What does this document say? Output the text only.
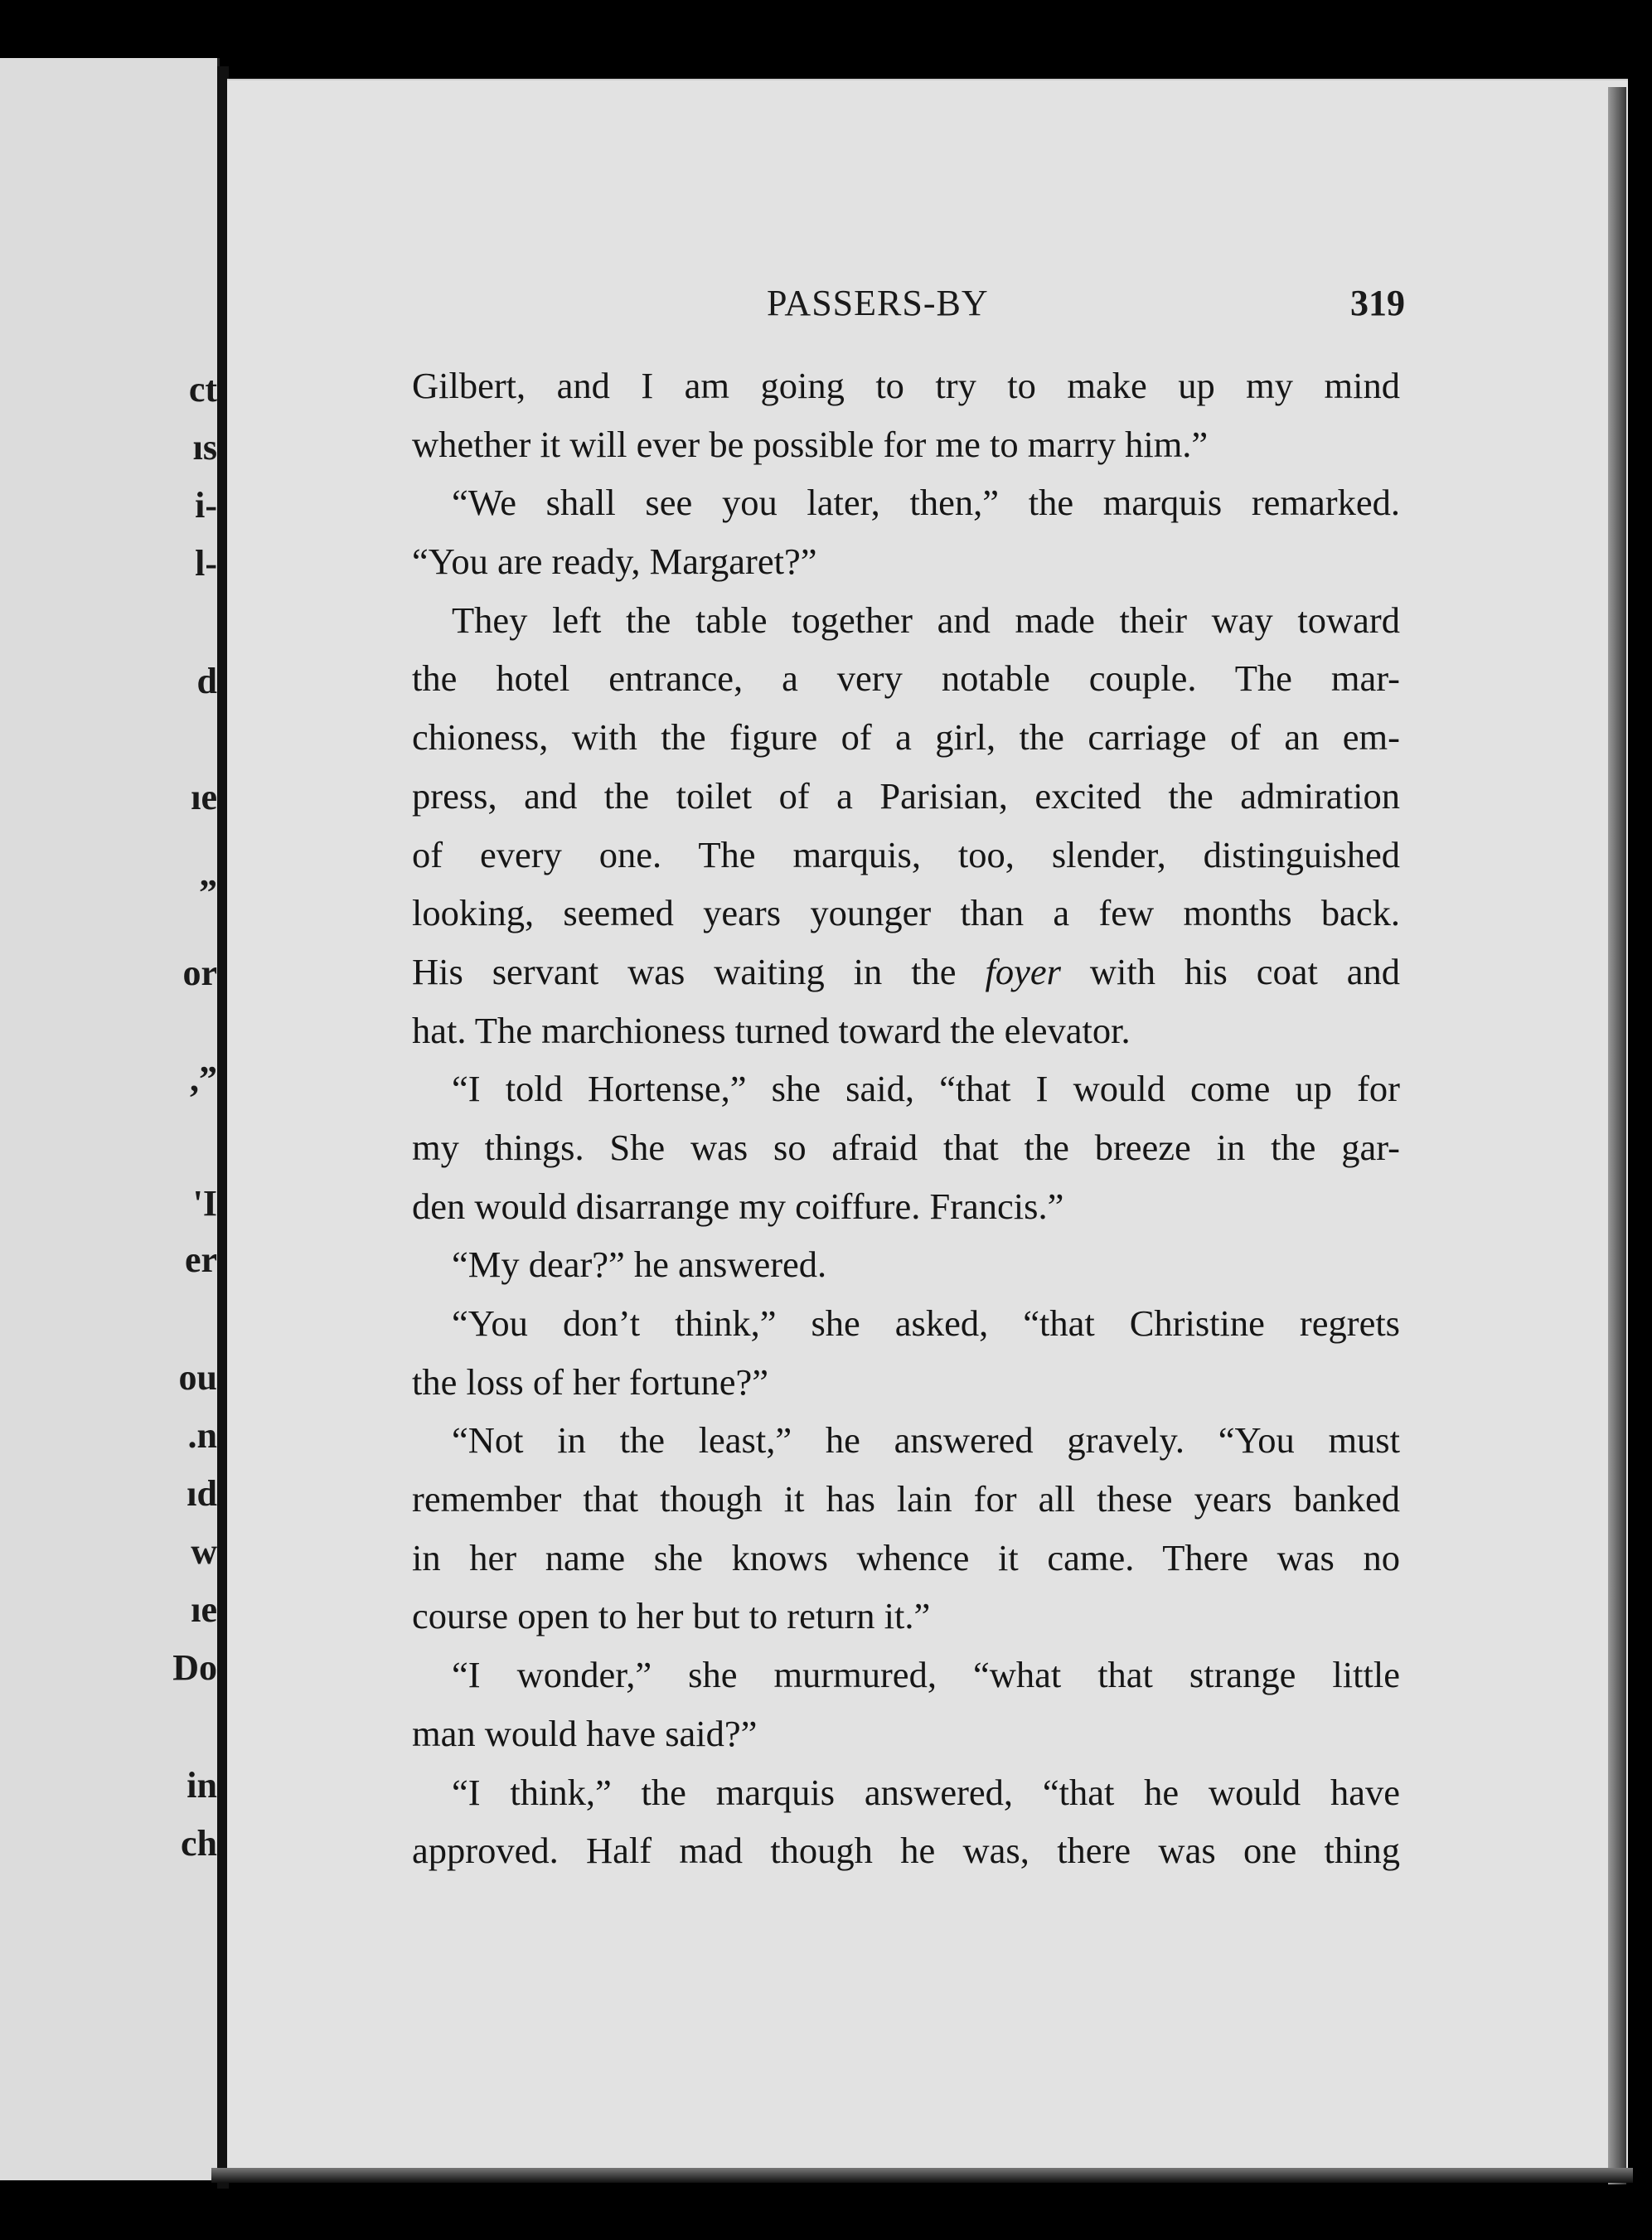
ct
ıs
i-
l-
d
ıe
”
or
,”
'I
er
ou
.n
ıd
w
ıe
Do
in
ch
PASSERS-BY	319
Gilbert, and I am going to try to make up my mind
whether it will ever be possible for me to marry him.”
“We shall see you later, then,” the marquis remarked.
“You are ready, Margaret?”
They left the table together and made their way toward
the hotel entrance, a very notable couple. The mar-
chioness, with the figure of a girl, the carriage of an em-
press, and the toilet of a Parisian, excited the admiration
of every one. The marquis, too, slender, distinguished
looking, seemed years younger than a few months back.
His servant was waiting in the foyer with his coat and
hat. The marchioness turned toward the elevator.
“I told Hortense,” she said, “that I would come up for
my things. She was so afraid that the breeze in the gar-
den would disarrange my coiffure. Francis.”
“My dear?” he answered.
“You don’t think,” she asked, “that Christine regrets
the loss of her fortune?”
“Not in the least,” he answered gravely. “You must
remember that though it has lain for all these years banked
in her name she knows whence it came. There was no
course open to her but to return it.”
“I wonder,” she murmured, “what that strange little
man would have said?”
“I think,” the marquis answered, “that he would have
approved. Half mad though he was, there was one thing
